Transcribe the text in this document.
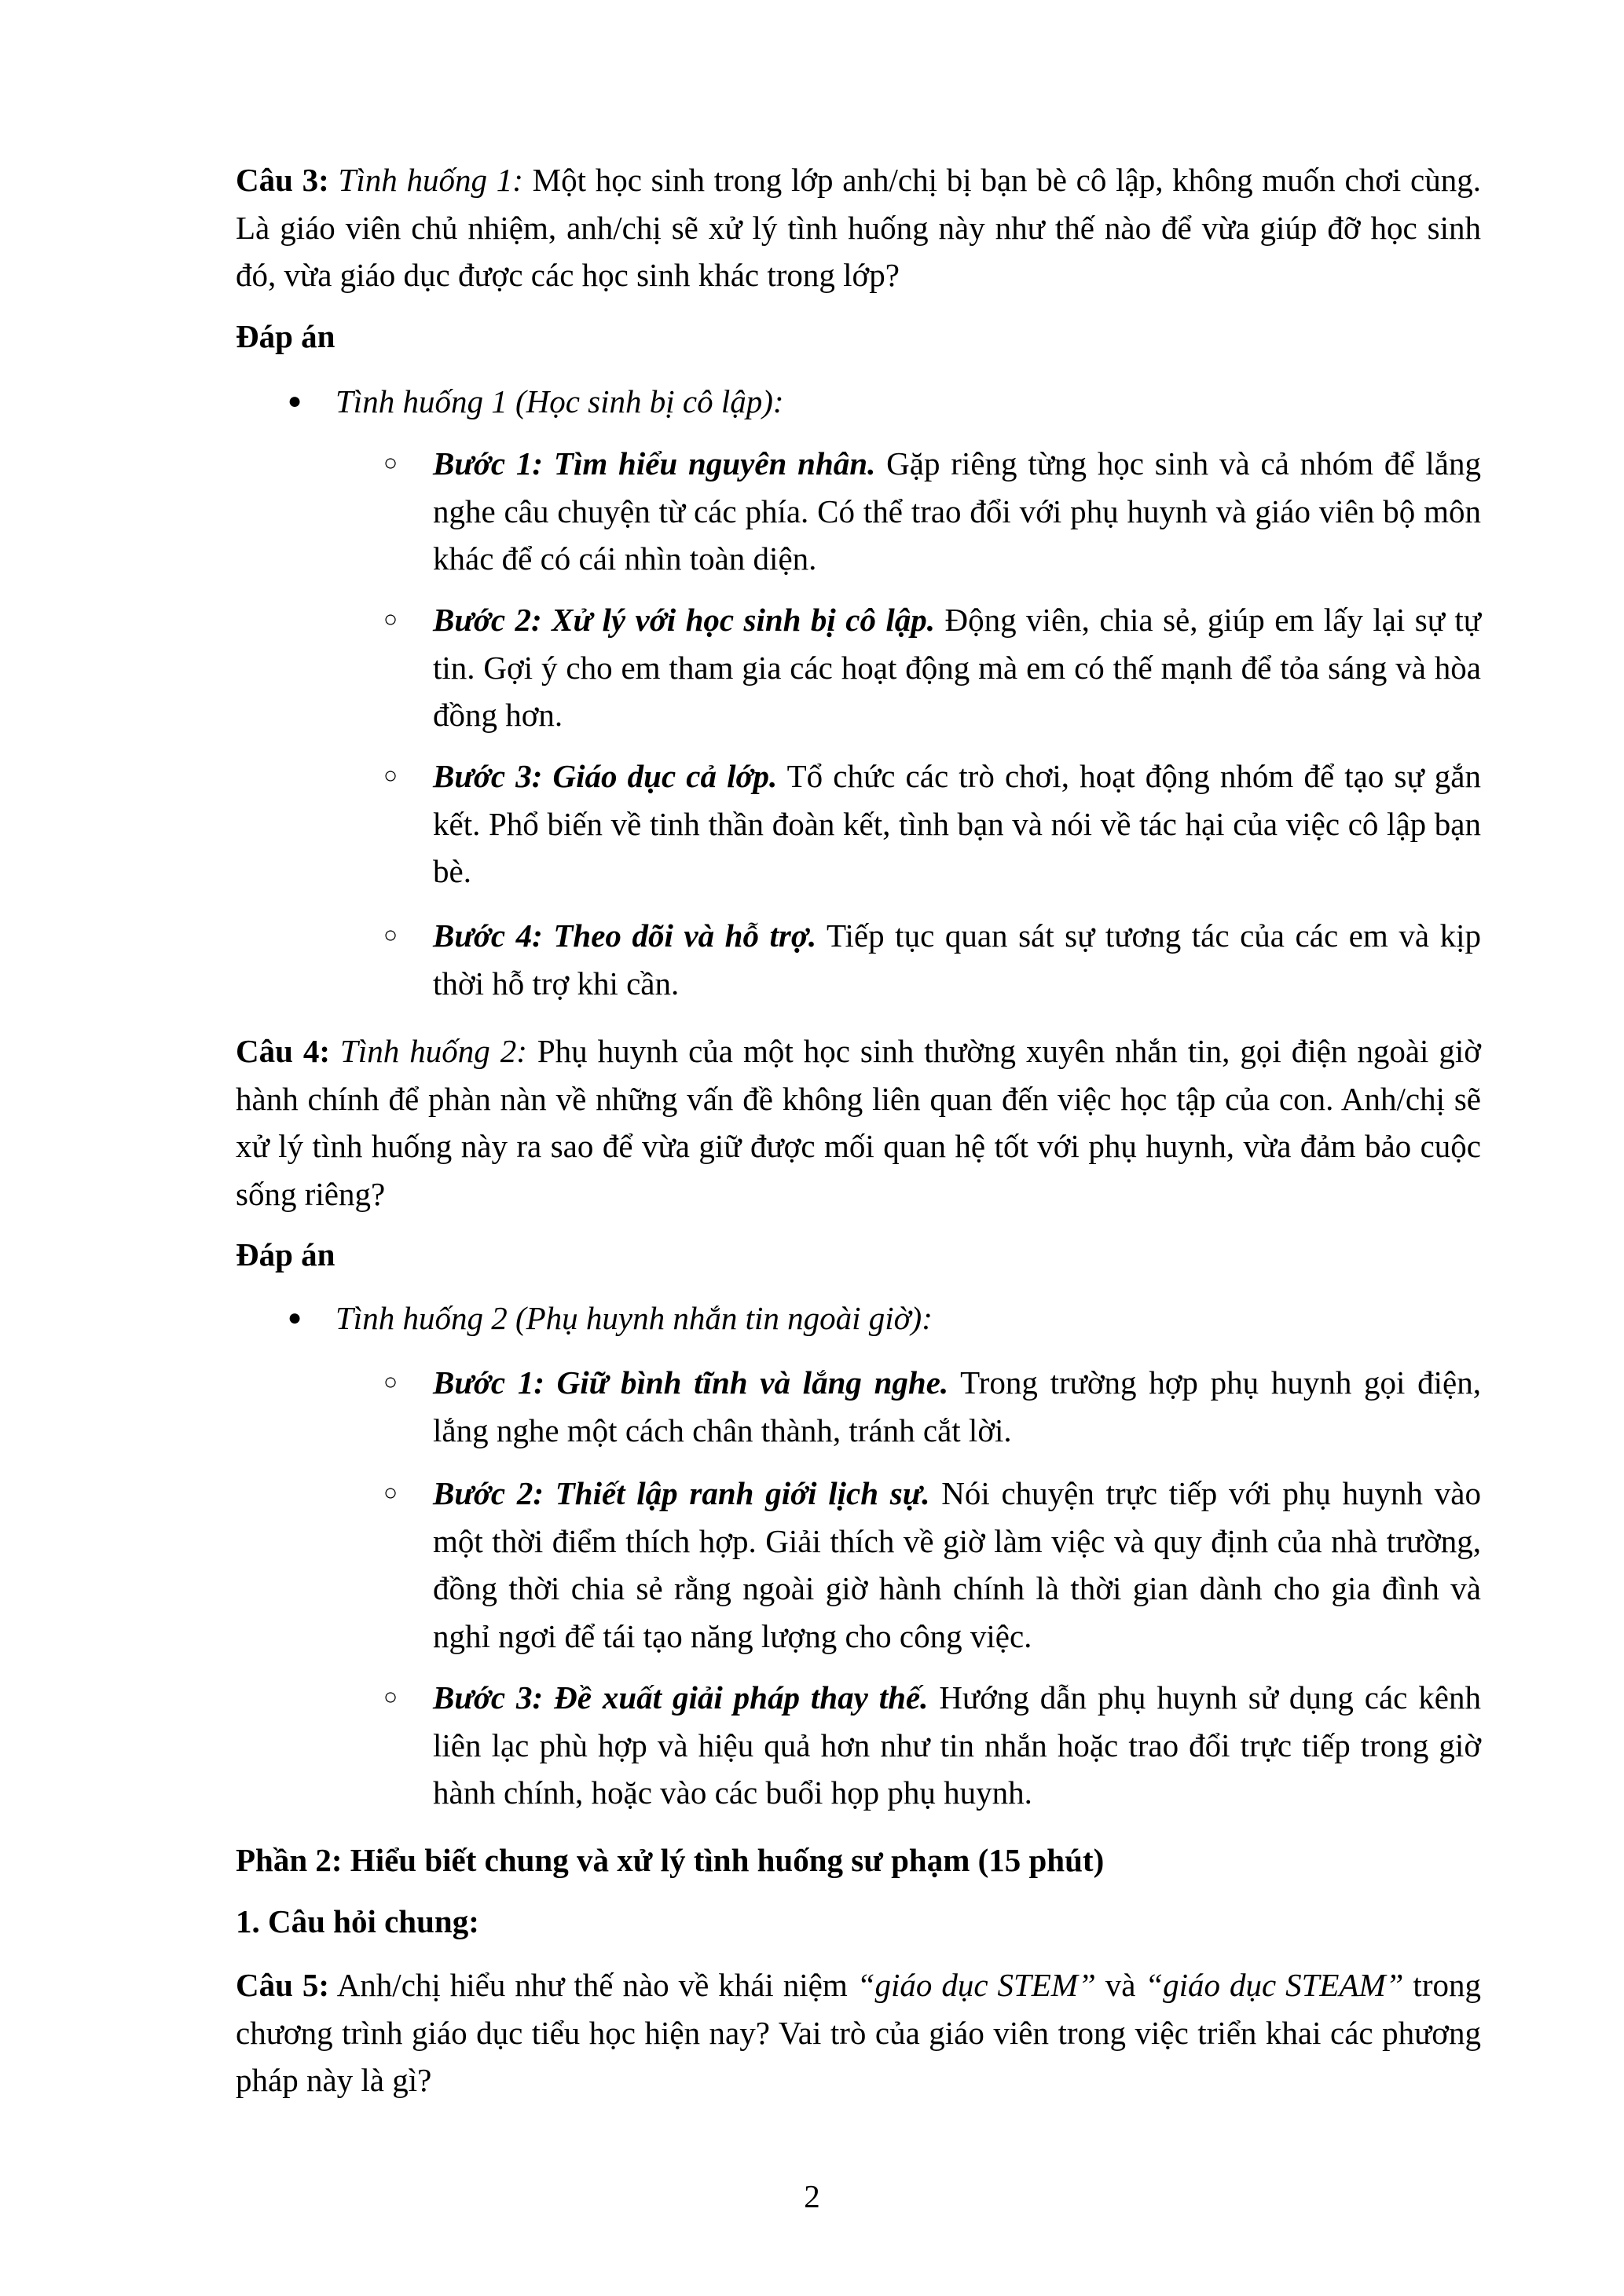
Câu 3: Tình huống 1: Một học sinh trong lớp anh/chị bị bạn bè cô lập, không muốn chơi cùng. Là giáo viên chủ nhiệm, anh/chị sẽ xử lý tình huống này như thế nào để vừa giúp đỡ học sinh đó, vừa giáo dục được các học sinh khác trong lớp?
Đáp án
● Tình huống 1 (Học sinh bị cô lập):
○ Bước 1: Tìm hiểu nguyên nhân. Gặp riêng từng học sinh và cả nhóm để lắng nghe câu chuyện từ các phía. Có thể trao đổi với phụ huynh và giáo viên bộ môn khác để có cái nhìn toàn diện.
○ Bước 2: Xử lý với học sinh bị cô lập. Động viên, chia sẻ, giúp em lấy lại sự tự tin. Gợi ý cho em tham gia các hoạt động mà em có thế mạnh để tỏa sáng và hòa đồng hơn.
○ Bước 3: Giáo dục cả lớp. Tổ chức các trò chơi, hoạt động nhóm để tạo sự gắn kết. Phổ biến về tinh thần đoàn kết, tình bạn và nói về tác hại của việc cô lập bạn bè.
○ Bước 4: Theo dõi và hỗ trợ. Tiếp tục quan sát sự tương tác của các em và kịp thời hỗ trợ khi cần.
Câu 4: Tình huống 2: Phụ huynh của một học sinh thường xuyên nhắn tin, gọi điện ngoài giờ hành chính để phàn nàn về những vấn đề không liên quan đến việc học tập của con. Anh/chị sẽ xử lý tình huống này ra sao để vừa giữ được mối quan hệ tốt với phụ huynh, vừa đảm bảo cuộc sống riêng?
Đáp án
● Tình huống 2 (Phụ huynh nhắn tin ngoài giờ):
○ Bước 1: Giữ bình tĩnh và lắng nghe. Trong trường hợp phụ huynh gọi điện, lắng nghe một cách chân thành, tránh cắt lời.
○ Bước 2: Thiết lập ranh giới lịch sự. Nói chuyện trực tiếp với phụ huynh vào một thời điểm thích hợp. Giải thích về giờ làm việc và quy định của nhà trường, đồng thời chia sẻ rằng ngoài giờ hành chính là thời gian dành cho gia đình và nghỉ ngơi để tái tạo năng lượng cho công việc.
○ Bước 3: Đề xuất giải pháp thay thế. Hướng dẫn phụ huynh sử dụng các kênh liên lạc phù hợp và hiệu quả hơn như tin nhắn hoặc trao đổi trực tiếp trong giờ hành chính, hoặc vào các buổi họp phụ huynh.
Phần 2: Hiểu biết chung và xử lý tình huống sư phạm (15 phút)
1. Câu hỏi chung:
Câu 5: Anh/chị hiểu như thế nào về khái niệm “giáo dục STEM” và “giáo dục STEAM” trong chương trình giáo dục tiểu học hiện nay? Vai trò của giáo viên trong việc triển khai các phương pháp này là gì?
2
